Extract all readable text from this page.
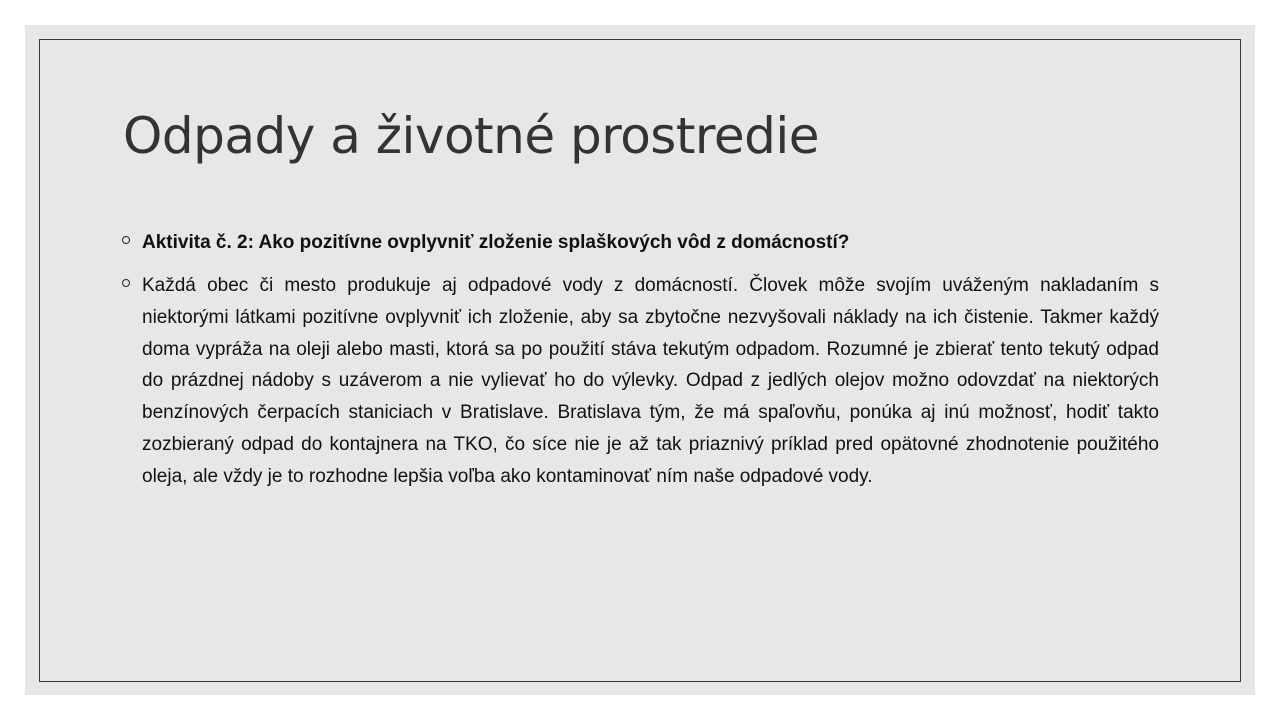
Odpady a životné prostredie
Aktivita č. 2: Ako pozitívne ovplyvniť zloženie splaškových vôd z domácností?
Každá obec či mesto produkuje aj odpadové vody z domácností. Človek môže svojím uváženým nakladaním s niektorými látkami pozitívne ovplyvniť ich zloženie, aby sa zbytočne nezvyšovali náklady na ich čistenie. Takmer každý doma vypráža na oleji alebo masti, ktorá sa po použití stáva tekutým odpadom. Rozumné je zbierať tento tekutý odpad do prázdnej nádoby s uzáverom a nie vylievať ho do výlevky. Odpad z jedlých olejov možno odovzdať na niektorých benzínových čerpacích staniciach v Bratislave. Bratislava tým, že má spaľovňu, ponúka aj inú možnosť, hodiť takto zozbieraný odpad do kontajnera na TKO, čo síce nie je až tak priaznivý príklad pred opätovné zhodnotenie použitého oleja, ale vždy je to rozhodne lepšia voľba ako kontaminovať ním naše odpadové vody.
